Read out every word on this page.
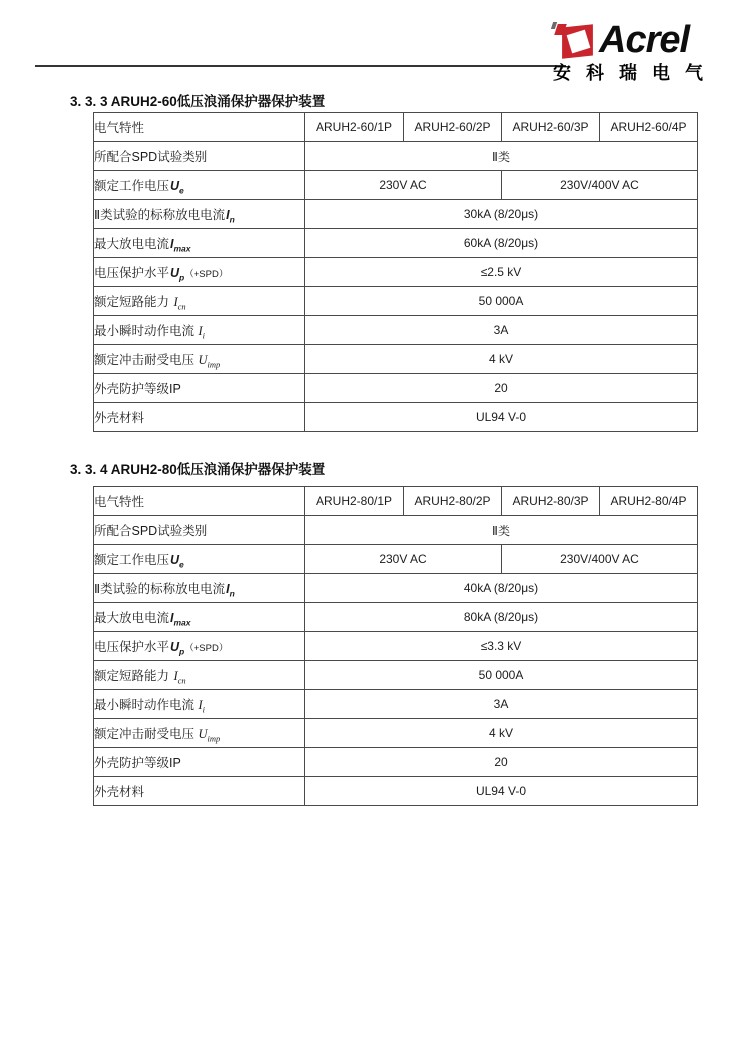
Acrel
安科瑞电气
3. 3. 3 ARUH2-60低压浪涌保护器保护装置
电气特性	ARUH2-60/1P	ARUH2-60/2P	ARUH2-60/3P	ARUH2-60/4P
所配合SPD试验类别	Ⅱ类			
额定工作电压$U_e$	230V AC		230V/400V AC	
Ⅱ类试验的标称放电电流$I_n$	30kA (8/20μs)			
最大放电电流$I_{max}$	60kA (8/20μs)			
电压保护水平$U_p(+SPD)$	≤2.5 kV			
额定短路能力 $I_{cn}$	50 000A			
最小瞬时动作电流 $I_i$	3A			
额定冲击耐受电压 $U_{imp}$	4 kV			
外壳防护等级IP	20			
外壳材料	UL94 V-0			
3. 3. 4 ARUH2-80低压浪涌保护器保护装置
电气特性	ARUH2-80/1P	ARUH2-80/2P	ARUH2-80/3P	ARUH2-80/4P
所配合SPD试验类别	Ⅱ类			
额定工作电压$U_e$	230V AC		230V/400V AC	
Ⅱ类试验的标称放电电流$I_n$	40kA (8/20μs)			
最大放电电流$I_{max}$	80kA (8/20μs)			
电压保护水平$U_p(+SPD)$	≤3.3 kV			
额定短路能力 $I_{cn}$	50 000A			
最小瞬时动作电流 $I_i$	3A			
额定冲击耐受电压 $U_{imp}$	4 kV			
外壳防护等级IP	20			
外壳材料	UL94 V-0			
